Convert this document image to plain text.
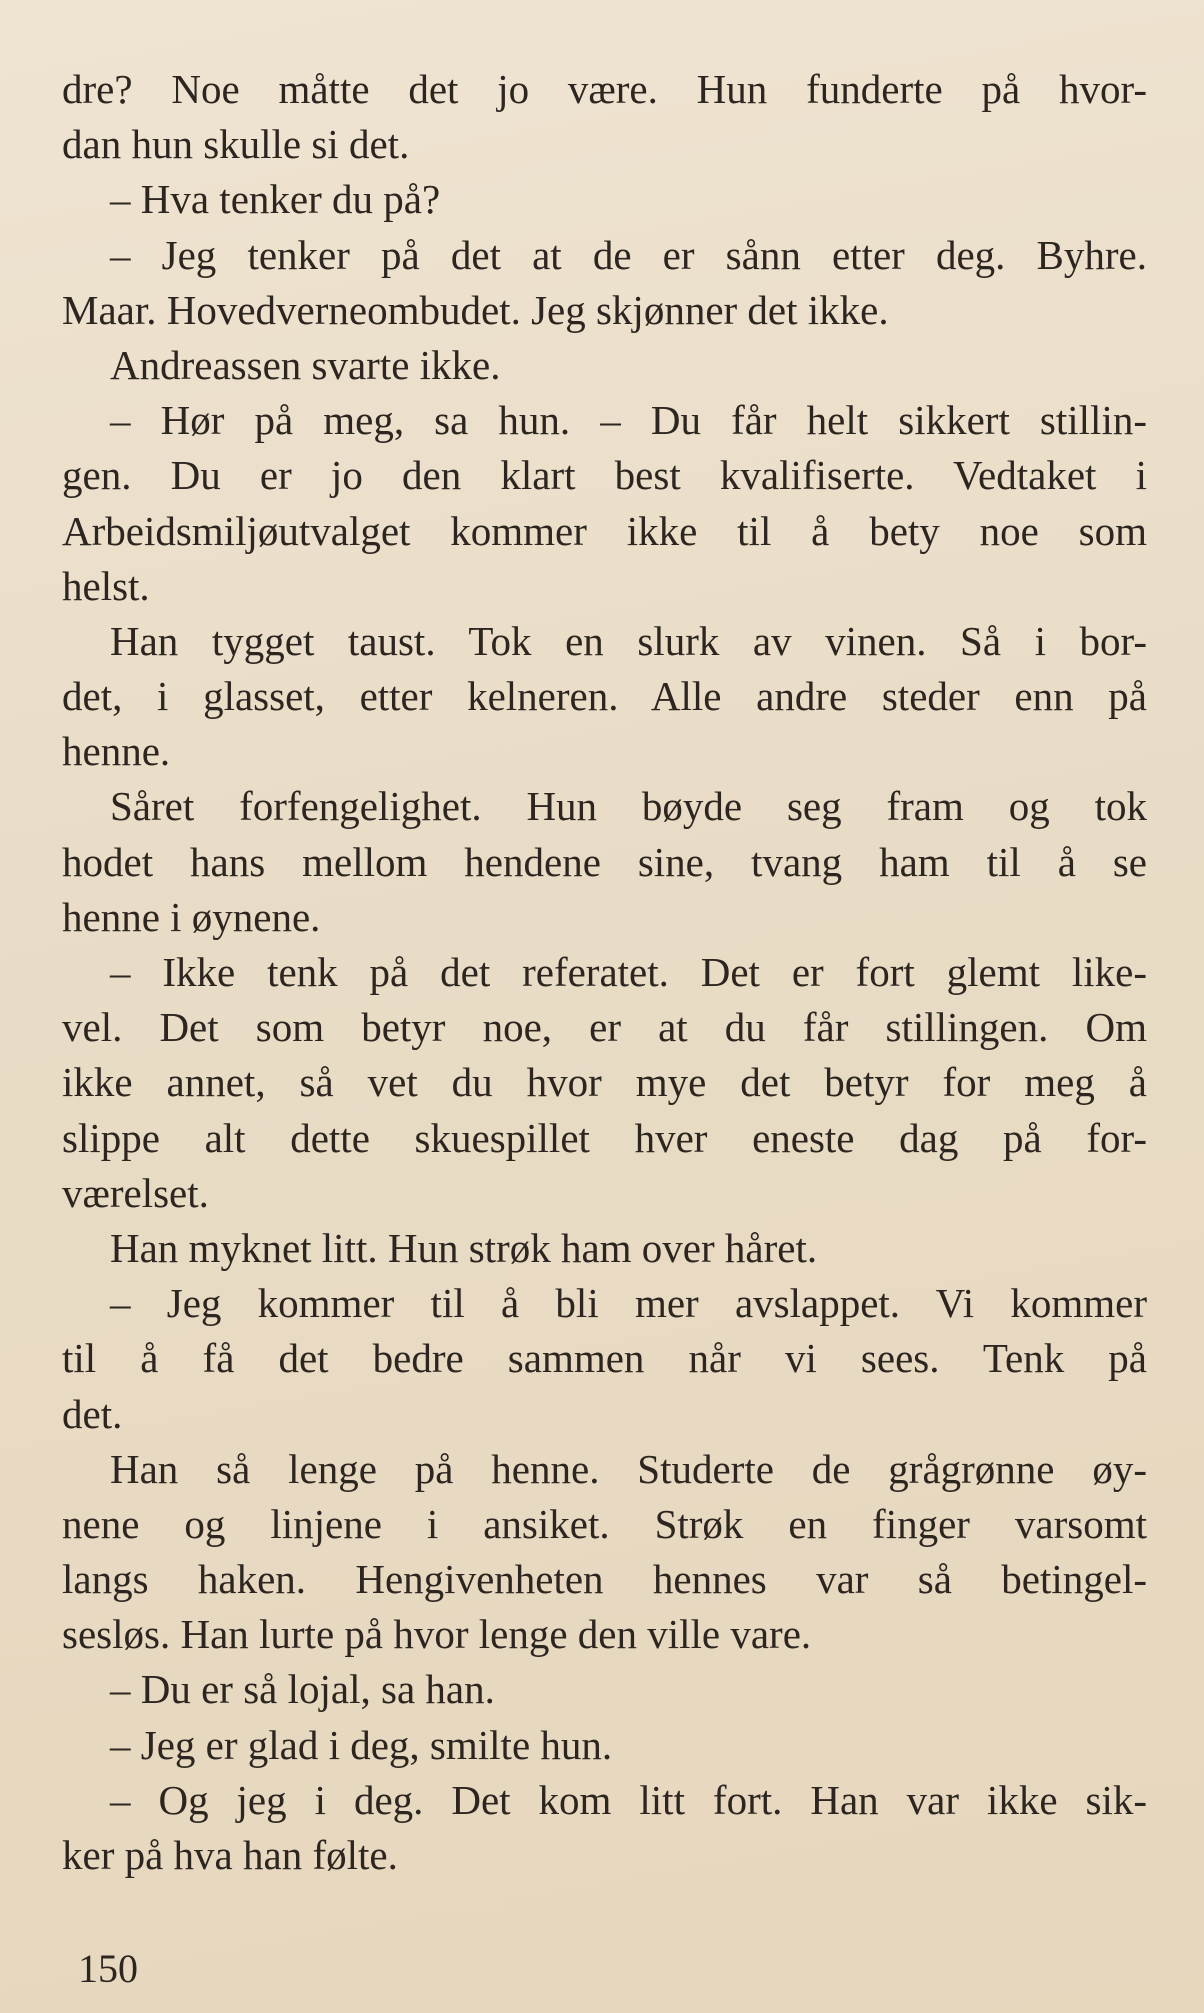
dre? Noe måtte det jo være. Hun funderte på hvor-
dan hun skulle si det.
– Hva tenker du på?
– Jeg tenker på det at de er sånn etter deg. Byhre.
Maar. Hovedverneombudet. Jeg skjønner det ikke.
Andreassen svarte ikke.
– Hør på meg, sa hun. – Du får helt sikkert stillin-
gen. Du er jo den klart best kvalifiserte. Vedtaket i
Arbeidsmiljøutvalget kommer ikke til å bety noe som
helst.
Han tygget taust. Tok en slurk av vinen. Så i bor-
det, i glasset, etter kelneren. Alle andre steder enn på
henne.
Såret forfengelighet. Hun bøyde seg fram og tok
hodet hans mellom hendene sine, tvang ham til å se
henne i øynene.
– Ikke tenk på det referatet. Det er fort glemt like-
vel. Det som betyr noe, er at du får stillingen. Om
ikke annet, så vet du hvor mye det betyr for meg å
slippe alt dette skuespillet hver eneste dag på for-
værelset.
Han myknet litt. Hun strøk ham over håret.
– Jeg kommer til å bli mer avslappet. Vi kommer
til å få det bedre sammen når vi sees. Tenk på
det.
Han så lenge på henne. Studerte de grågrønne øy-
nene og linjene i ansiket. Strøk en finger varsomt
langs haken. Hengivenheten hennes var så betingel-
sesløs. Han lurte på hvor lenge den ville vare.
– Du er så lojal, sa han.
– Jeg er glad i deg, smilte hun.
– Og jeg i deg. Det kom litt fort. Han var ikke sik-
ker på hva han følte.
150
